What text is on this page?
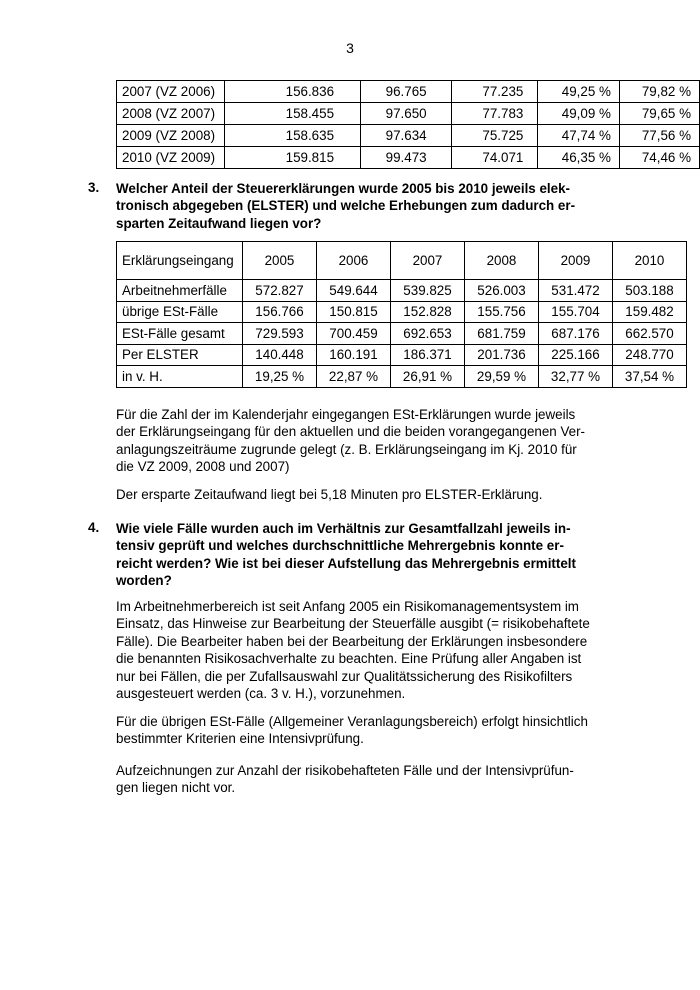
3
2007 (VZ 2006)	156.836	96.765	77.235	49,25 %	79,82 %
2008 (VZ 2007)	158.455	97.650	77.783	49,09 %	79,65 %
2009 (VZ 2008)	158.635	97.634	75.725	47,74 %	77,56 %
2010 (VZ 2009)	159.815	99.473	74.071	46,35 %	74,46 %
3. Welcher Anteil der Steuererklärungen wurde 2005 bis 2010 jeweils elek-
tronisch abgegeben (ELSTER) und welche Erhebungen zum dadurch er-
sparten Zeitaufwand liegen vor?
Erklärungseingang	2005	2006	2007	2008	2009	2010
Arbeitnehmerfälle	572.827	549.644	539.825	526.003	531.472	503.188
übrige ESt-Fälle	156.766	150.815	152.828	155.756	155.704	159.482
ESt-Fälle gesamt	729.593	700.459	692.653	681.759	687.176	662.570
Per ELSTER	140.448	160.191	186.371	201.736	225.166	248.770
in v. H.	19,25 %	22,87 %	26,91 %	29,59 %	32,77 %	37,54 %
Für die Zahl der im Kalenderjahr eingegangen ESt-Erklärungen wurde jeweils
der Erklärungseingang für den aktuellen und die beiden vorangegangenen Ver-
anlagungszeiträume zugrunde gelegt (z. B. Erklärungseingang im Kj. 2010 für
die VZ 2009, 2008 und 2007)
Der ersparte Zeitaufwand liegt bei 5,18 Minuten pro ELSTER-Erklärung.
4. Wie viele Fälle wurden auch im Verhältnis zur Gesamtfallzahl jeweils in-
tensiv geprüft und welches durchschnittliche Mehrergebnis konnte er-
reicht werden? Wie ist bei dieser Aufstellung das Mehrergebnis ermittelt
worden?
Im Arbeitnehmerbereich ist seit Anfang 2005 ein Risikomanagementsystem im
Einsatz, das Hinweise zur Bearbeitung der Steuerfälle ausgibt (= risikobehaftete
Fälle). Die Bearbeiter haben bei der Bearbeitung der Erklärungen insbesondere
die benannten Risikosachverhalte zu beachten. Eine Prüfung aller Angaben ist
nur bei Fällen, die per Zufallsauswahl zur Qualitätssicherung des Risikofilters
ausgesteuert werden (ca. 3 v. H.), vorzunehmen.
Für die übrigen ESt-Fälle (Allgemeiner Veranlagungsbereich) erfolgt hinsichtlich
bestimmter Kriterien eine Intensivprüfung.
Aufzeichnungen zur Anzahl der risikobehafteten Fälle und der Intensivprüfun-
gen liegen nicht vor.
